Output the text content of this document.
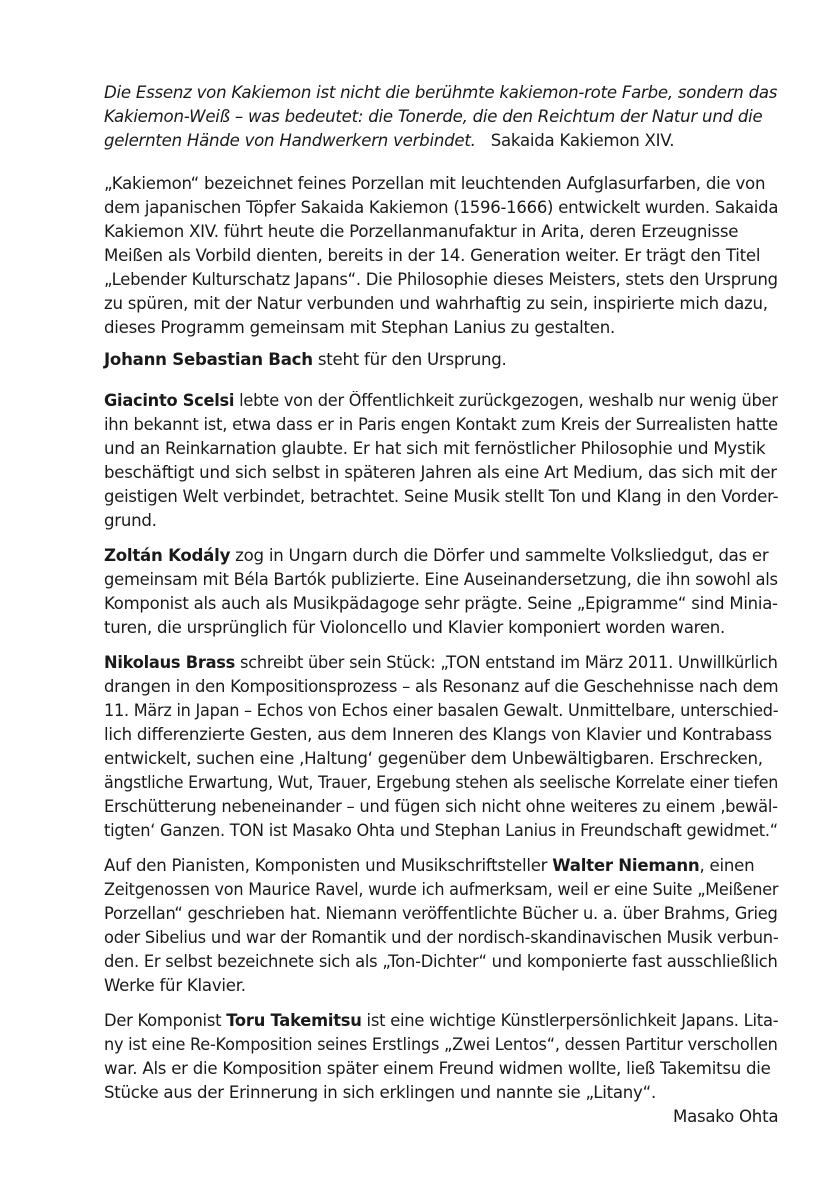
Die Essenz von Kakiemon ist nicht die berühmte kakiemon-rote Farbe, sondern das

Kakiemon-Weiß – was bedeutet: die Tonerde, die den Reichtum der Natur und die

gelernten Hände von Handwerkern verbindet. Sakaida Kakiemon XIV.

„Kakiemon“ bezeichnet feines Porzellan mit leuchtenden Aufglasurfarben, die von

dem japanischen Töpfer Sakaida Kakiemon (1596-1666) entwickelt wurden. Sakaida

Kakiemon XIV. führt heute die Porzellanmanufaktur in Arita, deren Erzeugnisse

Meißen als Vorbild dienten, bereits in der 14. Generation weiter. Er trägt den Titel

„Lebender Kulturschatz Japans“. Die Philosophie dieses Meisters, stets den Ursprung

zu spüren, mit der Natur verbunden und wahrhaftig zu sein, inspirierte mich dazu,

dieses Programm gemeinsam mit Stephan Lanius zu gestalten.

Johann Sebastian Bach steht für den Ursprung.

Giacinto Scelsi lebte von der Öffentlichkeit zurückgezogen, weshalb nur wenig über

ihn bekannt ist, etwa dass er in Paris engen Kontakt zum Kreis der Surrealisten hatte

und an Reinkarnation glaubte. Er hat sich mit fernöstlicher Philosophie und Mystik

beschäftigt und sich selbst in späteren Jahren als eine Art Medium, das sich mit der

geistigen Welt verbindet, betrachtet. Seine Musik stellt Ton und Klang in den Vorder-

grund.

Zoltán Kodály zog in Ungarn durch die Dörfer und sammelte Volksliedgut, das er

gemeinsam mit Béla Bartók publizierte. Eine Auseinandersetzung, die ihn sowohl als

Komponist als auch als Musikpädagoge sehr prägte. Seine „Epigramme“ sind Minia-

turen, die ursprünglich für Violoncello und Klavier komponiert worden waren.

Nikolaus Brass schreibt über sein Stück: „TON entstand im März 2011. Unwillkürlich

drangen in den Kompositionsprozess – als Resonanz auf die Geschehnisse nach dem

11. März in Japan – Echos von Echos einer basalen Gewalt. Unmittelbare, unterschied-

lich differenzierte Gesten, aus dem Inneren des Klangs von Klavier und Kontrabass

entwickelt, suchen eine ‚Haltung‘ gegenüber dem Unbewältigbaren. Erschrecken,

ängstliche Erwartung, Wut, Trauer, Ergebung stehen als seelische Korrelate einer tiefen

Erschütterung nebeneinander – und fügen sich nicht ohne weiteres zu einem ‚bewäl-

tigten‘ Ganzen. TON ist Masako Ohta und Stephan Lanius in Freundschaft gewidmet.“

Auf den Pianisten, Komponisten und Musikschriftsteller Walter Niemann, einen

Zeitgenossen von Maurice Ravel, wurde ich aufmerksam, weil er eine Suite „Meißener

Porzellan“ geschrieben hat. Niemann veröffentlichte Bücher u. a. über Brahms, Grieg

oder Sibelius und war der Romantik und der nordisch-skandinavischen Musik verbun-

den. Er selbst bezeichnete sich als „Ton-Dichter“ und komponierte fast ausschließlich

Werke für Klavier.

Der Komponist Toru Takemitsu ist eine wichtige Künstlerpersönlichkeit Japans. Lita-

ny ist eine Re-Komposition seines Erstlings „Zwei Lentos“, dessen Partitur verschollen

war. Als er die Komposition später einem Freund widmen wollte, ließ Takemitsu die

Stücke aus der Erinnerung in sich erklingen und nannte sie „Litany“.

Masako Ohta
